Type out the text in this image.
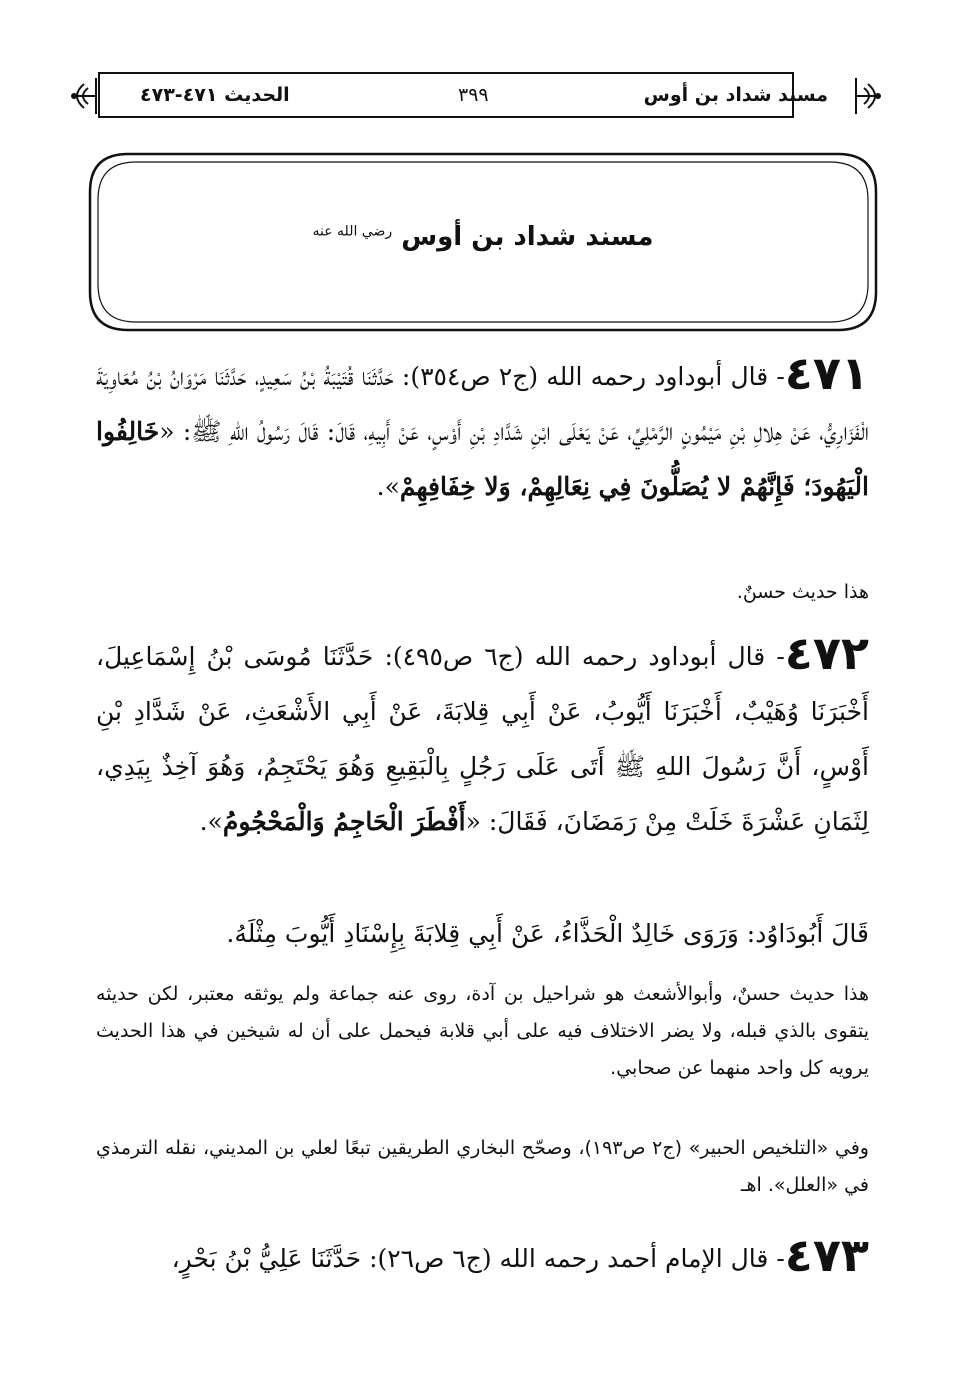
الحديث ٤٧١-٤٧٣	٣٩٩	مسند شداد بن أوس
مسند شداد بن أوس $^{رضي الله عنه}$
٤٧١- قال أبوداود رحمه الله (ج٢ ص٣٥٤): حَدَّثَنَا قُتَيْبَةُ بْنُ سَعِيدٍ، حَدَّثَنَا مَرْوَانُ بْنُ مُعَاوِيَةَ الْفَزَارِيُّ، عَنْ هِلالِ بْنِ مَيْمُونٍ الرَّمْلِيِّ، عَنْ يَعْلَى ابْنِ شَدَّادِ بْنِ أَوْسٍ، عَنْ أَبِيهِ، قَالَ: قَالَ رَسُولُ اللهِ ﷺ: «خَالِفُوا الْيَهُودَ؛ فَإِنَّهُمْ لا يُصَلُّونَ فِي نِعَالِهِمْ، وَلا خِفَافِهِمْ».
هذا حديث حسنٌ.
٤٧٢- قال أبوداود رحمه الله (ج٦ ص٤٩٥): حَدَّثَنَا مُوسَى بْنُ إِسْمَاعِيلَ، أَخْبَرَنَا وُهَيْبٌ، أَخْبَرَنَا أَيُّوبُ، عَنْ أَبِي قِلابَةَ، عَنْ أَبِي الأَشْعَثِ، عَنْ شَدَّادِ بْنِ أَوْسٍ، أَنَّ رَسُولَ اللهِ ﷺ أَتَى عَلَى رَجُلٍ بِالْبَقِيعِ وَهُوَ يَحْتَجِمُ، وَهُوَ آخِذٌ بِيَدِي، لِثَمَانِ عَشْرَةَ خَلَتْ مِنْ رَمَضَانَ، فَقَالَ: «أَفْطَرَ الْحَاجِمُ وَالْمَحْجُومُ».
قَالَ أَبُودَاوُد: وَرَوَى خَالِدٌ الْحَذَّاءُ، عَنْ أَبِي قِلابَةَ بِإِسْنَادِ أَيُّوبَ مِثْلَهُ.
هذا حديث حسنٌ، وأبوالأشعث هو شراحيل بن آدة، روى عنه جماعة ولم يوثقه معتبر، لكن حديثه يتقوى بالذي قبله، ولا يضر الاختلاف فيه على أبي قلابة فيحمل على أن له شيخين في هذا الحديث يرويه كل واحد منهما عن صحابي.
وفي «التلخيص الحبير» (ج٢ ص١٩٣)، وصحّح البخاري الطريقين تبعًا لعلي بن المديني، نقله الترمذي في «العلل». اهـ
٤٧٣- قال الإمام أحمد رحمه الله (ج٦ ص٢٦): حَدَّثَنَا عَلِيُّ بْنُ بَحْرٍ،
